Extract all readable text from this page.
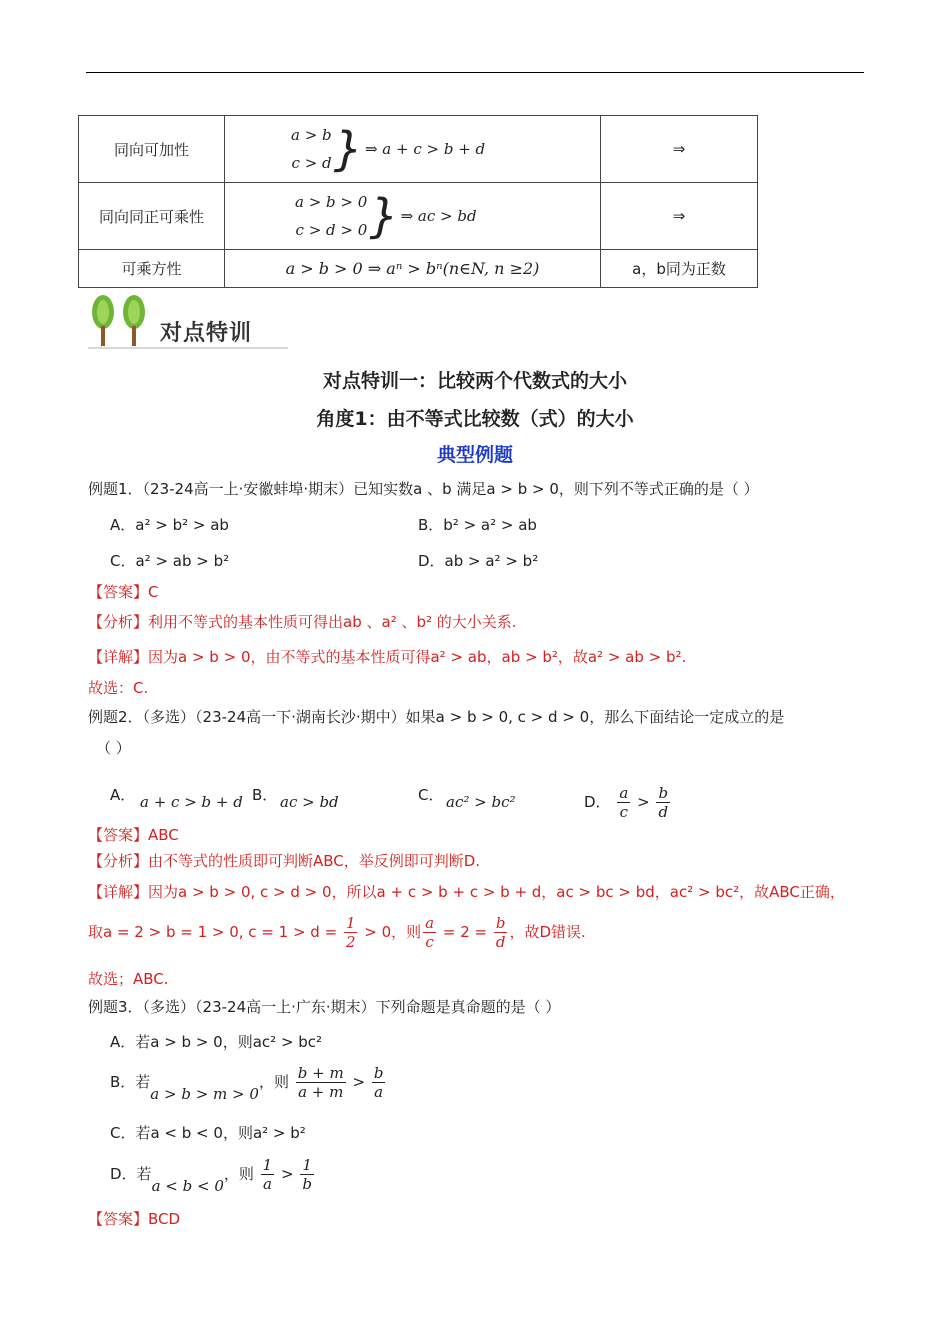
同向可加性	a > b
c > d } ⇒ a + c > b + d	⇒
同向同正可乘性	a > b > 0
c > d > 0 } ⇒ ac > bd	⇒
可乘方性	a > b > 0 ⇒ aⁿ > bⁿ(n∈N, n ≥2)	a，b同为正数
对点特训
对点特训一：比较两个代数式的大小
角度1：由不等式比较数（式）的大小
典型例题
例题1．（23-24高一上·安徽蚌埠·期末）已知实数a 、b 满足a > b > 0，则下列不等式正确的是（ ）
A．a² > b² > ab	B．b² > a² > ab
C．a² > ab > b²	D．ab > a² > b²
【答案】C
【分析】利用不等式的基本性质可得出ab 、a² 、b² 的大小关系.
【详解】因为a > b > 0，由不等式的基本性质可得a² > ab，ab > b²，故a² > ab > b².
故选：C.
例题2．（多选）（23-24高一下·湖南长沙·期中）如果a > b > 0, c > d > 0，那么下面结论一定成立的是
（ ）
A． a + c > b + d B． ac > bd	C． ac² > bc²	D． $\frac{a}{c} > \frac{b}{d}$
【答案】ABC
【分析】由不等式的性质即可判断ABC，举反例即可判断D.
【详解】因为a > b > 0, c > d > 0，所以a + c > b + c > b + d，ac > bc > bd，ac² > bc²，故ABC正确，
取a = 2 > b = 1 > 0, $c = 1 > d = \frac{1}{2} > 0$，则 $\frac{a}{c} = 2 = \frac{b}{d}$ ，故D错误.
故选；ABC.
例题3．（多选）（23-24高一上·广东·期末）下列命题是真命题的是（ ）
A．若a > b > 0，则ac² > bc²
B．若a > b > m > 0，则 $\frac{b + m}{a + m} > \frac{b}{a}$
C．若a < b < 0，则a² > b²
D．若a < b < 0，则 $\frac{1}{a} > \frac{1}{b}$
【答案】BCD
